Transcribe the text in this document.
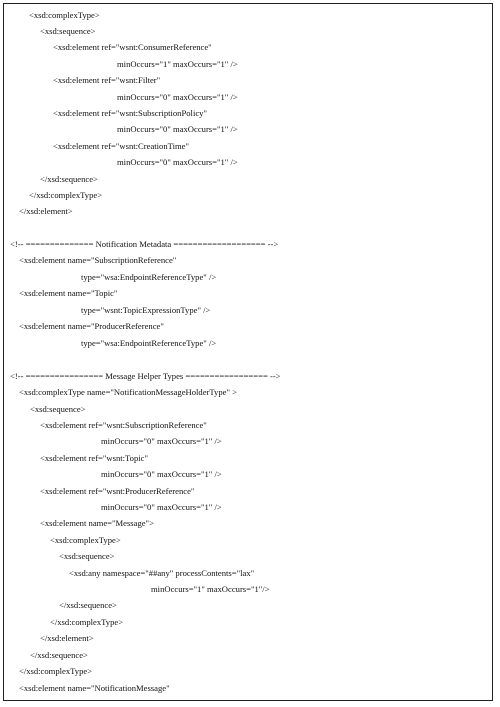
<xsd:complexType>
<xsd:sequence>
<xsd:element ref="wsnt:ConsumerReference"
minOccurs="1" maxOccurs="1" />
<xsd:element ref="wsnt:Filter"
minOccurs="0" maxOccurs="1" />
<xsd:element ref="wsnt:SubscriptionPolicy"
minOccurs="0" maxOccurs="1" />
<xsd:element ref="wsnt:CreationTime"
minOccurs="0" maxOccurs="1" />
</xsd:sequence>
</xsd:complexType>
</xsd:element>
<!-- ============== Notification Metadata =================== -->
<xsd:element name="SubscriptionReference"
type="wsa:EndpointReferenceType" />
<xsd:element name="Topic"
type="wsnt:TopicExpressionType" />
<xsd:element name="ProducerReference"
type="wsa:EndpointReferenceType" />
<!-- ================ Message Helper Types ================= -->
<xsd:complexType name="NotificationMessageHolderType" >
<xsd:sequence>
<xsd:element ref="wsnt:SubscriptionReference"
minOccurs="0" maxOccurs="1" />
<xsd:element ref="wsnt:Topic"
minOccurs="0" maxOccurs="1" />
<xsd:element ref="wsnt:ProducerReference"
minOccurs="0" maxOccurs="1" />
<xsd:element name="Message">
<xsd:complexType>
<xsd:sequence>
<xsd:any namespace="##any" processContents="lax"
minOccurs="1" maxOccurs="1"/>
</xsd:sequence>
</xsd:complexType>
</xsd:element>
</xsd:sequence>
</xsd:complexType>
<xsd:element name="NotificationMessage"
